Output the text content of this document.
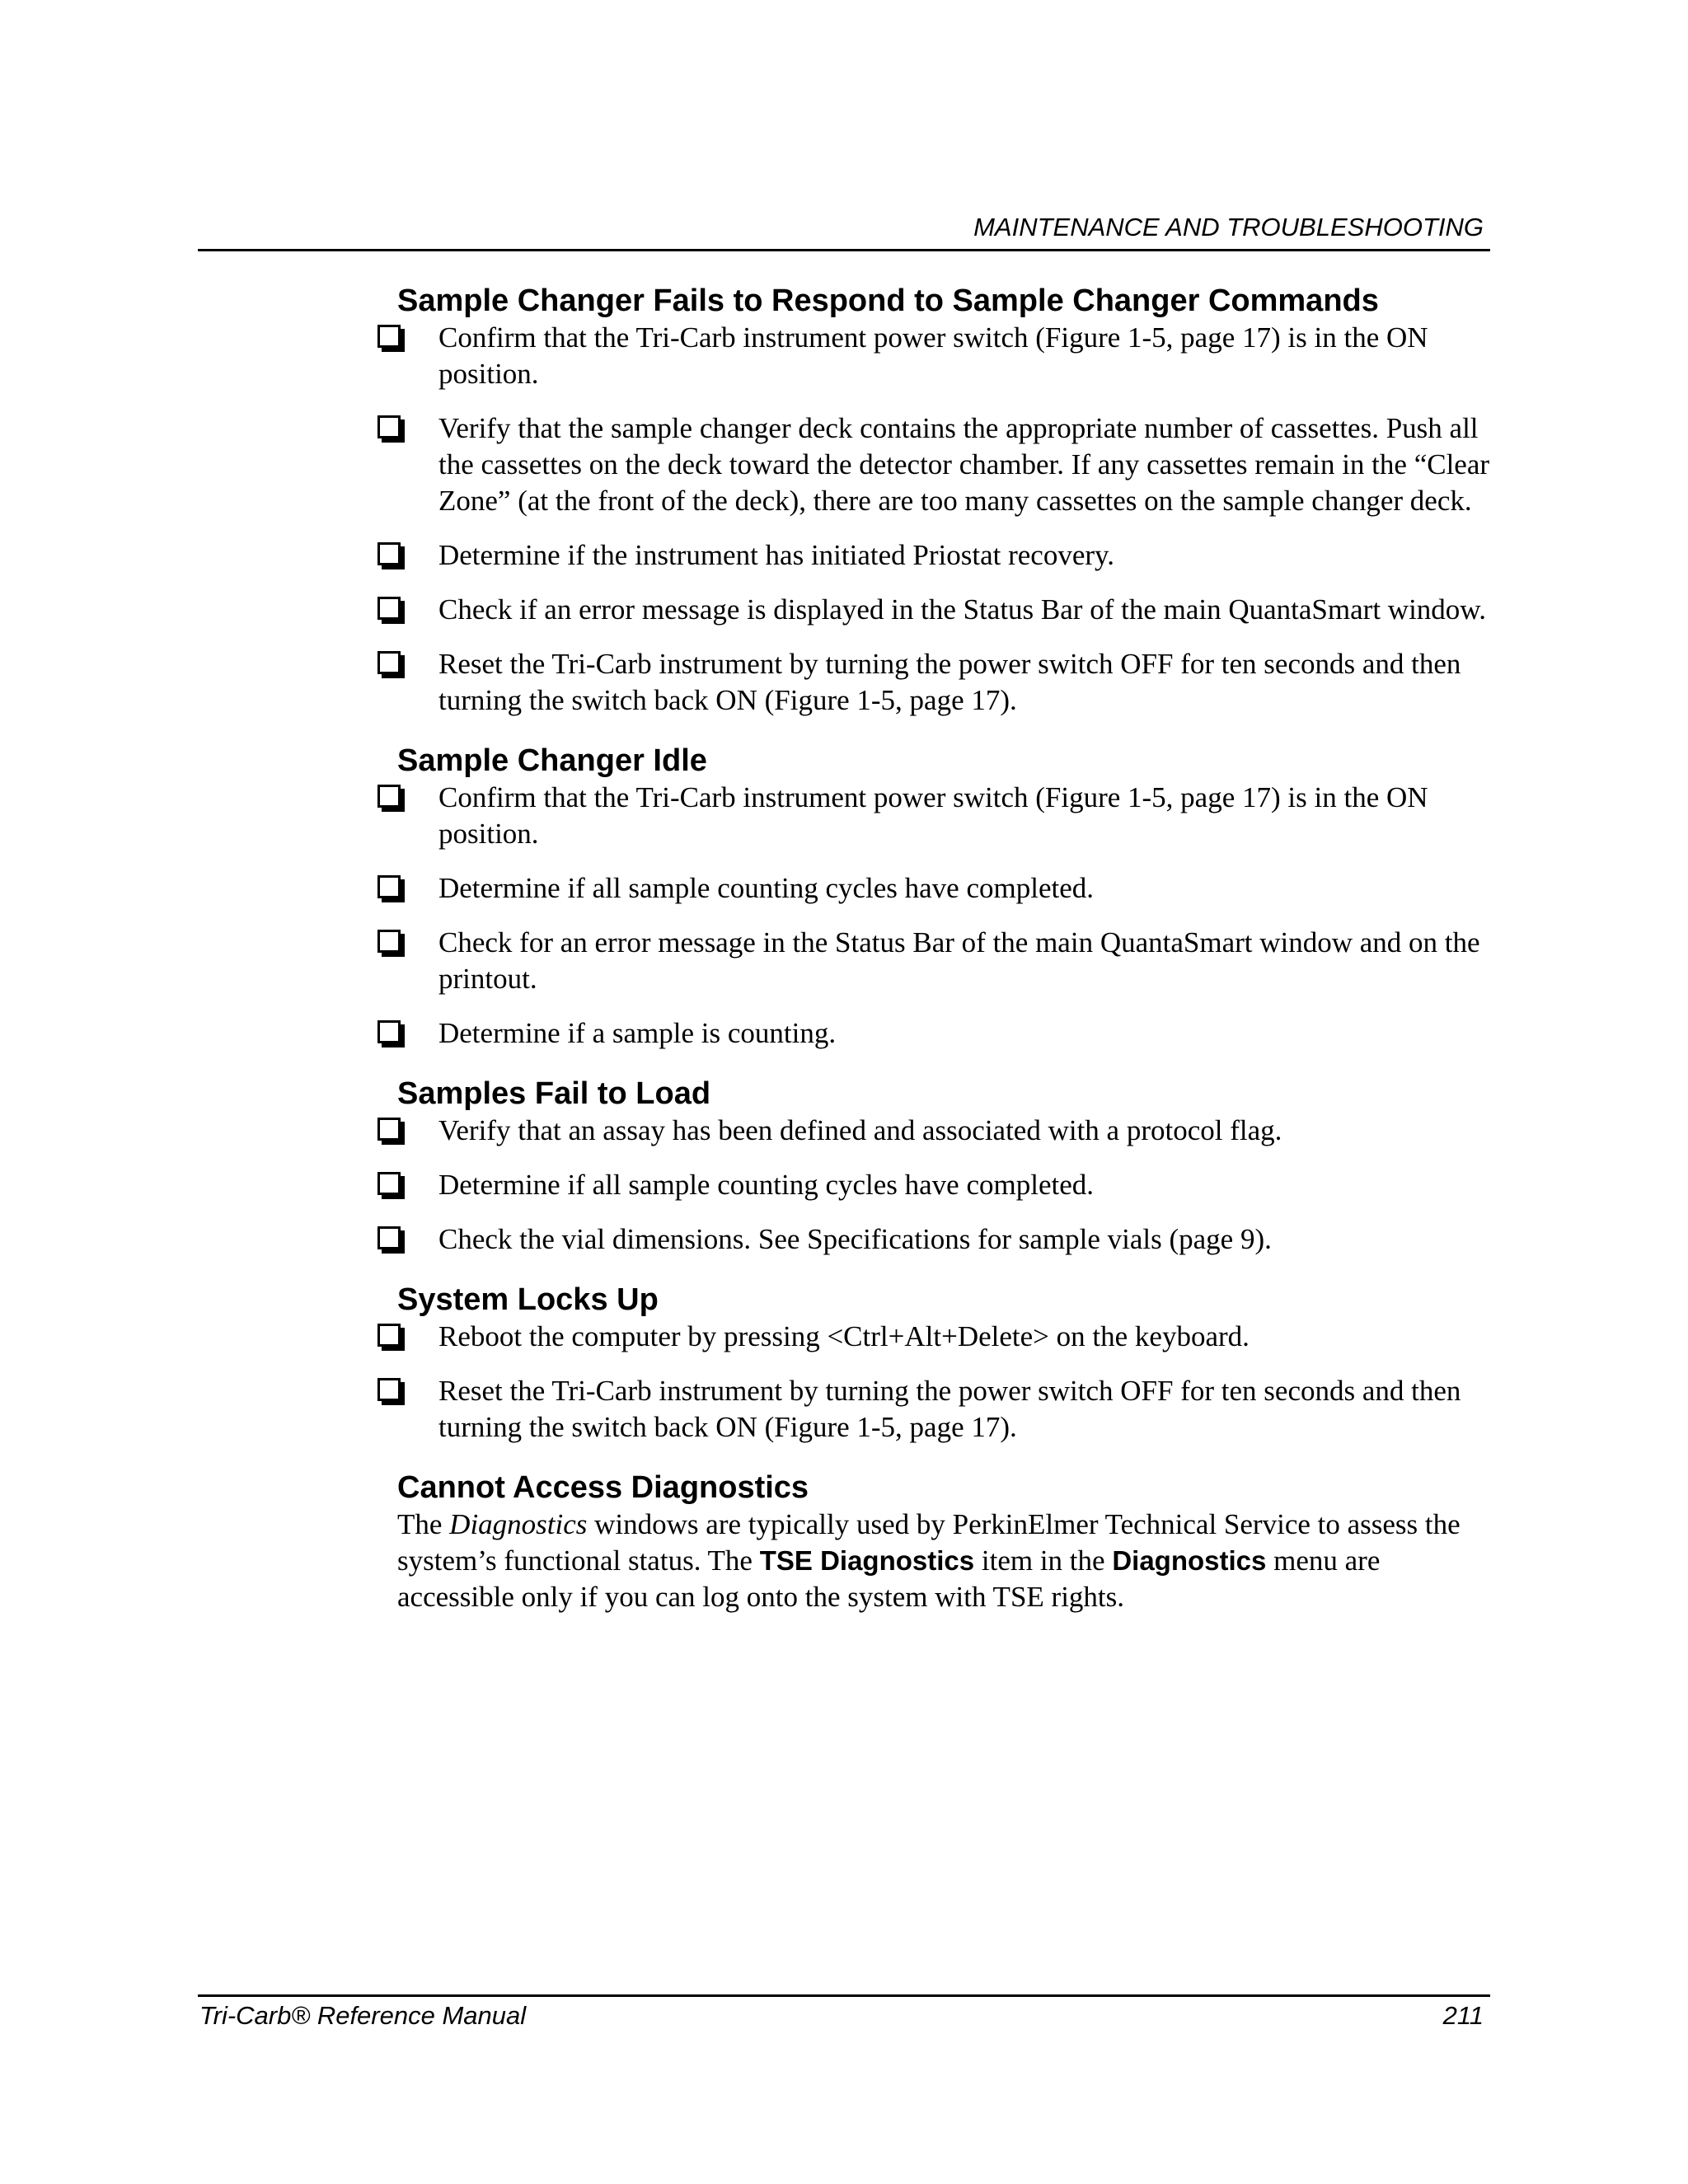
MAINTENANCE AND TROUBLESHOOTING
Sample Changer Fails to Respond to Sample Changer Commands
Confirm that the Tri-Carb instrument power switch (Figure 1-5, page 17) is in the ON position.
Verify that the sample changer deck contains the appropriate number of cassettes. Push all the cassettes on the deck toward the detector chamber. If any cassettes remain in the “Clear Zone” (at the front of the deck), there are too many cassettes on the sample changer deck.
Determine if the instrument has initiated Priostat recovery.
Check if an error message is displayed in the Status Bar of the main QuantaSmart window.
Reset the Tri-Carb instrument by turning the power switch OFF for ten seconds and then turning the switch back ON (Figure 1-5, page 17).
Sample Changer Idle
Confirm that the Tri-Carb instrument power switch (Figure 1-5, page 17) is in the ON position.
Determine if all sample counting cycles have completed.
Check for an error message in the Status Bar of the main QuantaSmart window and on the printout.
Determine if a sample is counting.
Samples Fail to Load
Verify that an assay has been defined and associated with a protocol flag.
Determine if all sample counting cycles have completed.
Check the vial dimensions. See Specifications for sample vials (page 9).
System Locks Up
Reboot the computer by pressing <Ctrl+Alt+Delete> on the keyboard.
Reset the Tri-Carb instrument by turning the power switch OFF for ten seconds and then turning the switch back ON (Figure 1-5, page 17).
Cannot Access Diagnostics
The Diagnostics windows are typically used by PerkinElmer Technical Service to assess the system’s functional status. The TSE Diagnostics item in the Diagnostics menu are accessible only if you can log onto the system with TSE rights.
Tri-Carb® Reference Manual	211
